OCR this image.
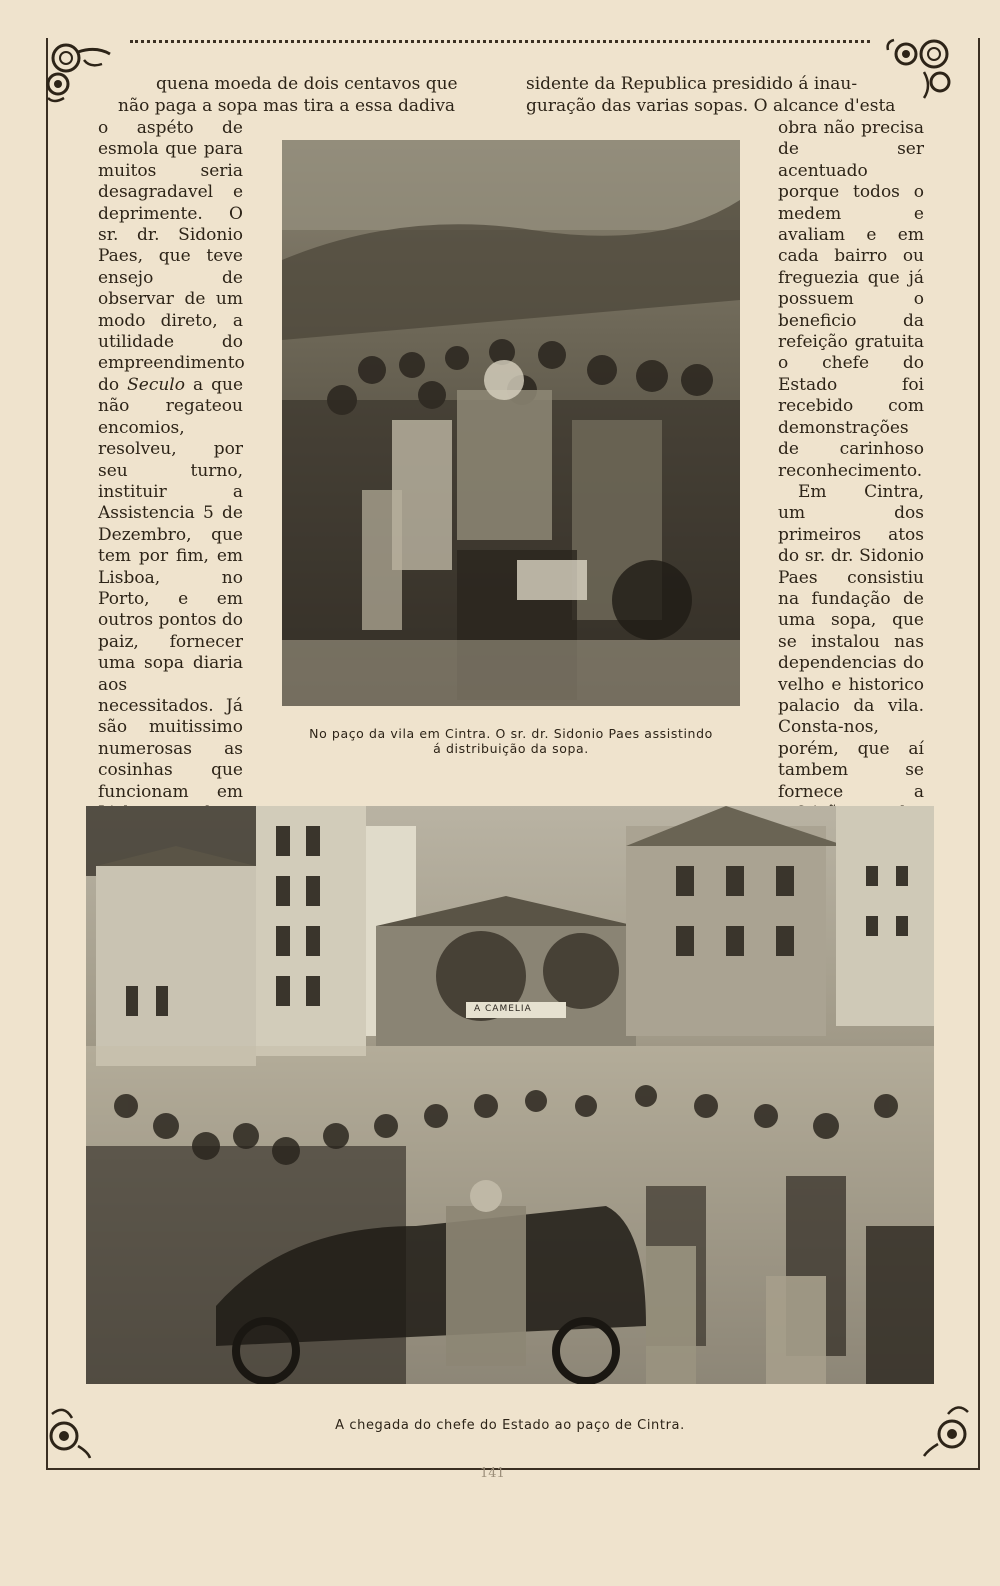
quena moeda de dois centavos que
não paga a sopa mas tira a essa dadiva
sidente da Republica presidido á inau-
guração das varias sopas. O alcance d'esta

o aspéto de esmola que para muitos seria desagradavel e deprimente. O sr. dr. Sidonio Paes, que teve ensejo de observar de um modo direto, a utilidade do empreendimento do Seculo a que não regateou encomios, resolveu, por seu turno, instituir a Assistencia 5 de Dezembro, que tem por fim, em Lisboa, no Porto, e em outros pontos do paiz, fornecer uma sopa diaria aos necessitados. Já são muitissimo numerosas as cosinhas que funcionam em

obra não precisa de ser acentuado porque todos o medem e avaliam e em cada bairro ou freguezia que já possuem o beneficio da refeição gratuita o chefe do Estado foi recebido com demonstrações de carinhoso reconhecimento.

Em Cintra, um dos primeiros atos do sr. dr. Sidonio Paes consistiu na fundação de uma sopa, que se instalou nas dependencias do velho e historico palacio da vila. Consta-nos, porém, que aí tambem se fornece a

No paço da vila em Cintra. O sr. dr. Sidonio Paes assistindo
á distribuição da sopa.
A CAMELIA
A chegada do chefe do Estado ao paço de Cintra.
141
